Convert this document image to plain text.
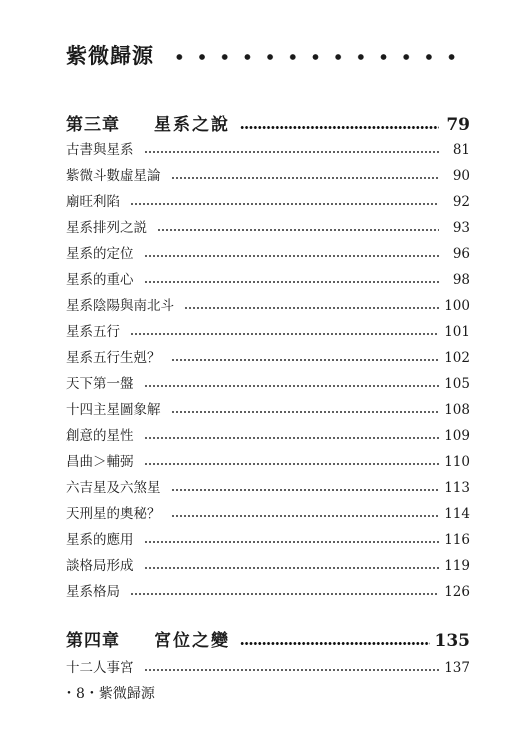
紫微歸源
第三章 星系之說	79
古書與星系	81
紫微斗數虛星論	90
廟旺利陷	92
星系排列之説	93
星系的定位	96
星系的重心	98
星系陰陽與南北斗	100
星系五行	101
星系五行生剋？	102
天下第一盤	105
十四主星圖象解	108
創意的星性	109
昌曲＞輔弼	110
六吉星及六煞星	113
天刑星的奧秘？	114
星系的應用	116
談格局形成	119
星系格局	126
第四章 宮位之變	135
十二人事宮	137
・8・紫微歸源
